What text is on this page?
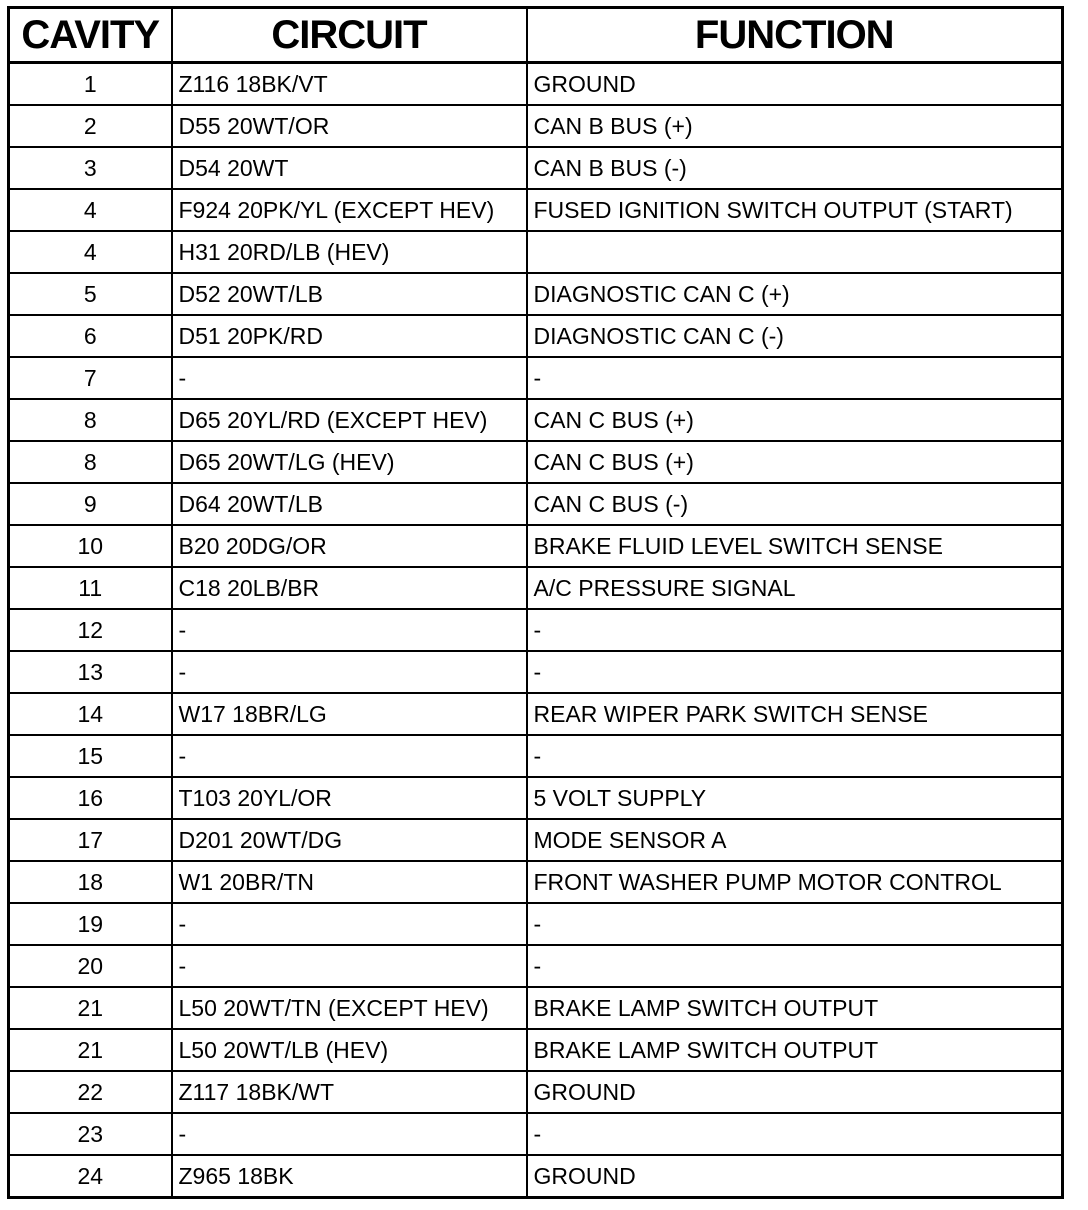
CAVITY	CIRCUIT	FUNCTION
1	Z116 18BK/VT	GROUND
2	D55 20WT/OR	CAN B BUS (+)
3	D54 20WT	CAN B BUS (-)
4	F924 20PK/YL (EXCEPT HEV)	FUSED IGNITION SWITCH OUTPUT (START)
4	H31 20RD/LB (HEV)	
5	D52 20WT/LB	DIAGNOSTIC CAN C (+)
6	D51 20PK/RD	DIAGNOSTIC CAN C (-)
7	-	-
8	D65 20YL/RD (EXCEPT HEV)	CAN C BUS (+)
8	D65 20WT/LG (HEV)	CAN C BUS (+)
9	D64 20WT/LB	CAN C BUS (-)
10	B20 20DG/OR	BRAKE FLUID LEVEL SWITCH SENSE
11	C18 20LB/BR	A/C PRESSURE SIGNAL
12	-	-
13	-	-
14	W17 18BR/LG	REAR WIPER PARK SWITCH SENSE
15	-	-
16	T103 20YL/OR	5 VOLT SUPPLY
17	D201 20WT/DG	MODE SENSOR A
18	W1 20BR/TN	FRONT WASHER PUMP MOTOR CONTROL
19	-	-
20	-	-
21	L50 20WT/TN (EXCEPT HEV)	BRAKE LAMP SWITCH OUTPUT
21	L50 20WT/LB (HEV)	BRAKE LAMP SWITCH OUTPUT
22	Z117 18BK/WT	GROUND
23	-	-
24	Z965 18BK	GROUND
